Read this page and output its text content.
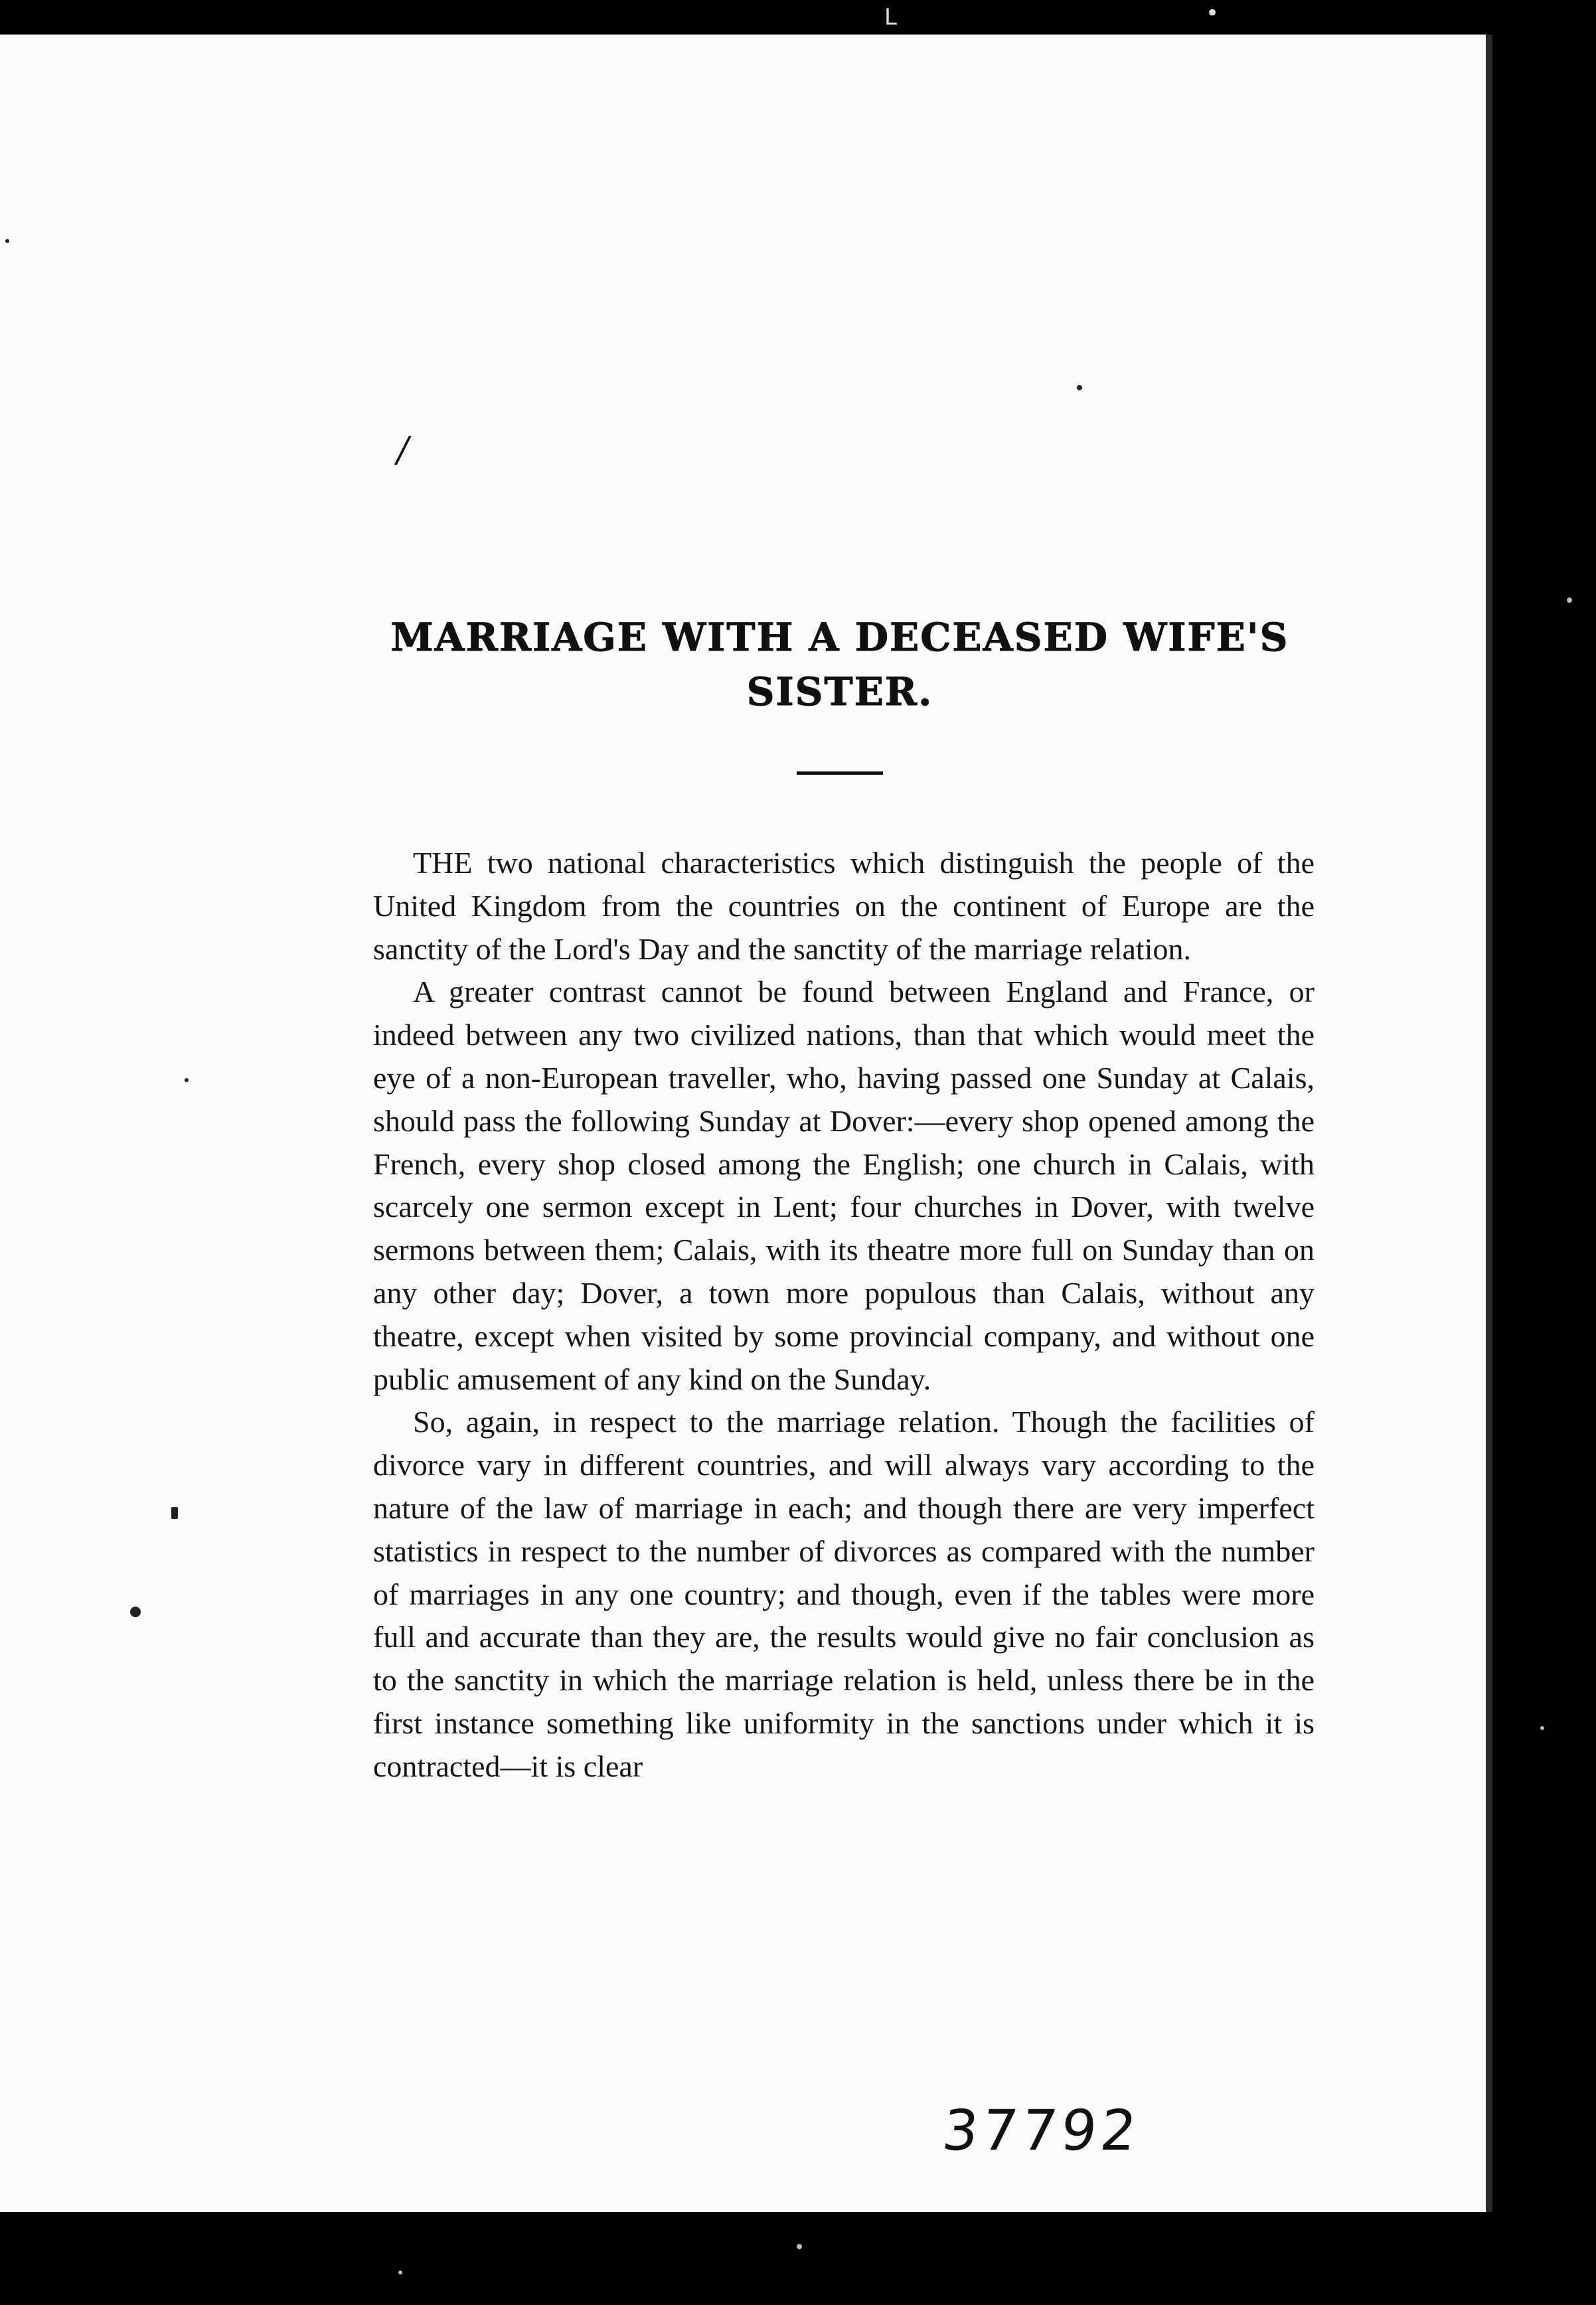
L	•
/
MARRIAGE WITH A DECEASED WIFE'S SISTER.

THE two national characteristics which distinguish the people of the United Kingdom from the countries on the continent of Europe are the sanctity of the Lord's Day and the sanctity of the marriage relation.

A greater contrast cannot be found between England and France, or indeed between any two civilized nations, than that which would meet the eye of a non-European traveller, who, having passed one Sunday at Calais, should pass the following Sunday at Dover:—every shop opened among the French, every shop closed among the English; one church in Calais, with scarcely one sermon except in Lent; four churches in Dover, with twelve sermons between them; Calais, with its theatre more full on Sunday than on any other day; Dover, a town more populous than Calais, without any theatre, except when visited by some provincial company, and without one public amusement of any kind on the Sunday.

So, again, in respect to the marriage relation. Though the facilities of divorce vary in different countries, and will always vary according to the nature of the law of marriage in each; and though there are very imperfect statistics in respect to the number of divorces as compared with the number of marriages in any one country; and though, even if the tables were more full and accurate than they are, the results would give no fair conclusion as to the sanctity in which the marriage relation is held, unless there be in the first instance something like uniformity in the sanctions under which it is contracted—it is clear

37792
